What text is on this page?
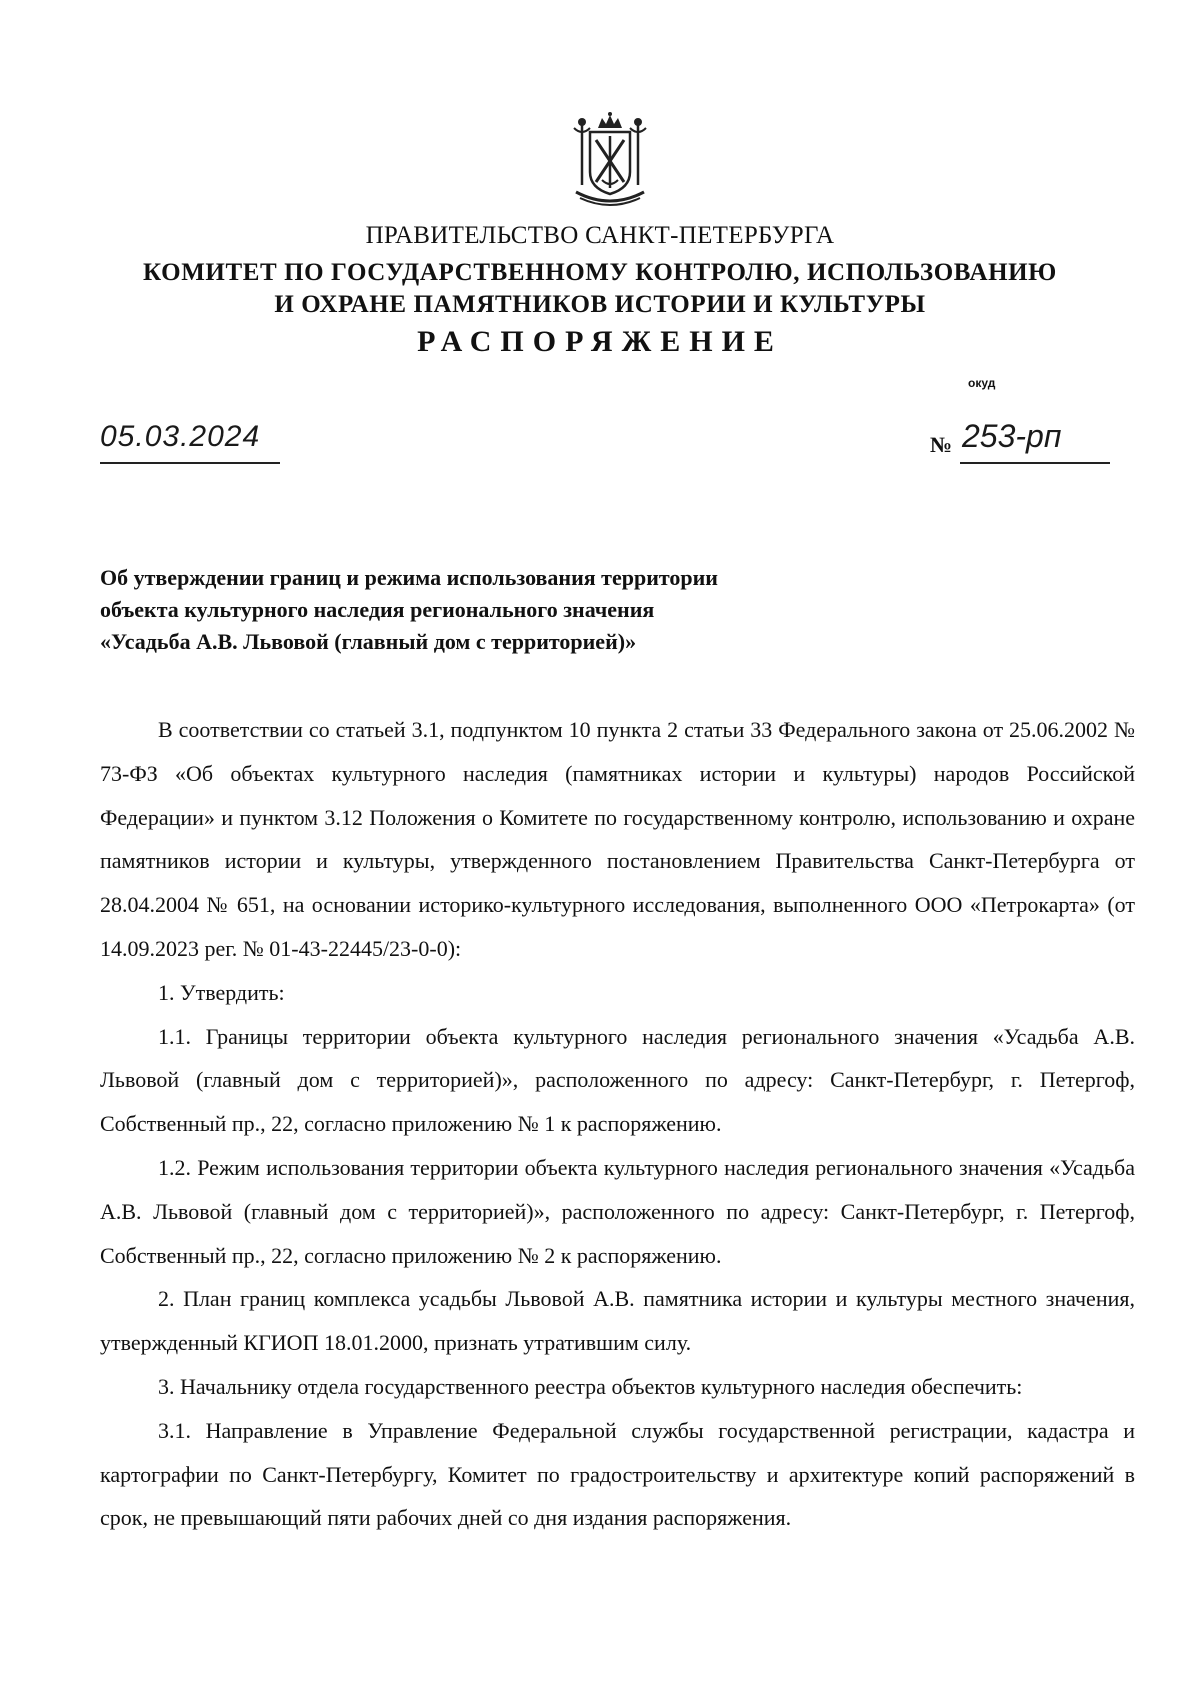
ПРАВИТЕЛЬСТВО САНКТ-ПЕТЕРБУРГА
КОМИТЕТ ПО ГОСУДАРСТВЕННОМУ КОНТРОЛЮ, ИСПОЛЬЗОВАНИЮ
И ОХРАНЕ ПАМЯТНИКОВ ИСТОРИИ И КУЛЬТУРЫ
РАСПОРЯЖЕНИЕ
окуд
05.03.2024	№ 253-рп
Об утверждении границ и режима использования территории
объекта культурного наследия регионального значения
«Усадьба А.В. Львовой (главный дом с территорией)»

В соответствии со статьей 3.1, подпунктом 10 пункта 2 статьи 33 Федерального закона от 25.06.2002 № 73-ФЗ «Об объектах культурного наследия (памятниках истории и культуры) народов Российской Федерации» и пунктом 3.12 Положения о Комитете по государственному контролю, использованию и охране памятников истории и культуры, утвержденного постановлением Правительства Санкт-Петербурга от 28.04.2004 № 651, на основании историко-культурного исследования, выполненного ООО «Петрокарта» (от 14.09.2023 рег. № 01-43-22445/23-0-0):

1. Утвердить:

1.1. Границы территории объекта культурного наследия регионального значения «Усадьба А.В. Львовой (главный дом с территорией)», расположенного по адресу: Санкт-Петербург, г. Петергоф, Собственный пр., 22, согласно приложению № 1 к распоряжению.

1.2. Режим использования территории объекта культурного наследия регионального значения «Усадьба А.В. Львовой (главный дом с территорией)», расположенного по адресу: Санкт-Петербург, г. Петергоф, Собственный пр., 22, согласно приложению № 2 к распоряжению.

2. План границ комплекса усадьбы Львовой А.В. памятника истории и культуры местного значения, утвержденный КГИОП 18.01.2000, признать утратившим силу.

3. Начальнику отдела государственного реестра объектов культурного наследия обеспечить:

3.1. Направление в Управление Федеральной службы государственной регистрации, кадастра и картографии по Санкт-Петербургу, Комитет по градостроительству и архитектуре копий распоряжений в срок, не превышающий пяти рабочих дней со дня издания распоряжения.
